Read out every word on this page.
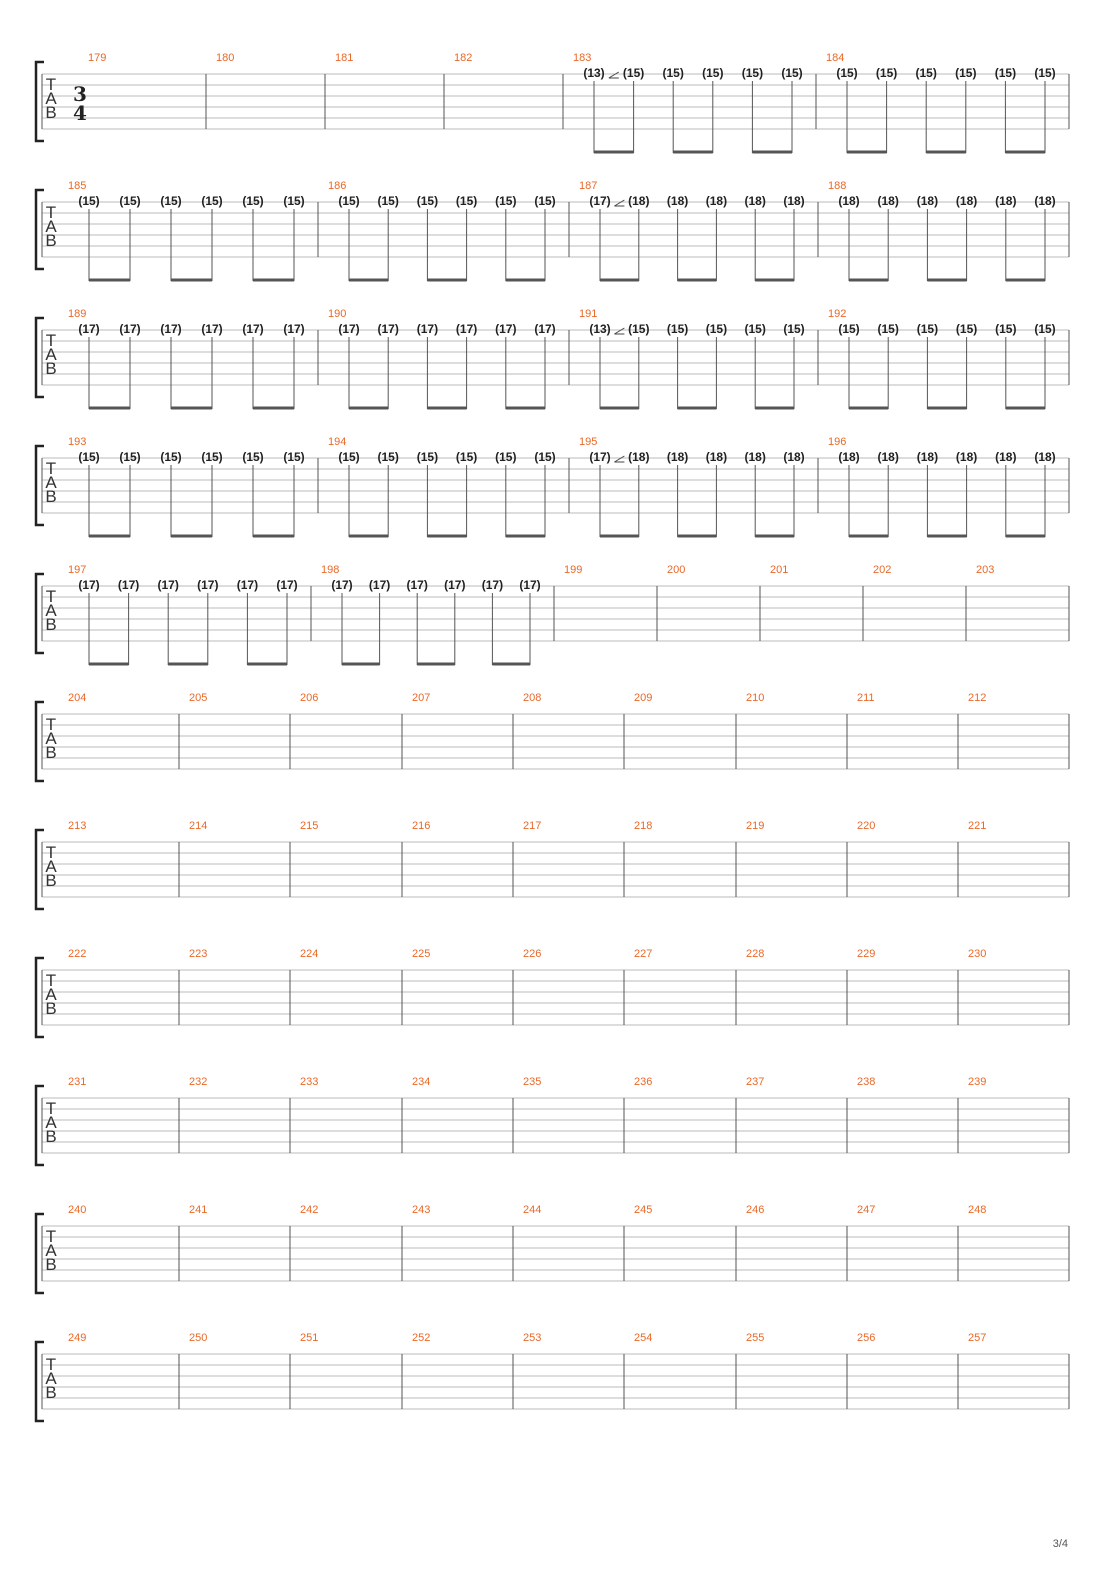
T
A
B
3
4
179	180	181	182	183
(13) (15) (15) (15) (15) (15)
184
(15) (15) (15) (15) (15) (15)
T
A
B
185
(15) (15) (15) (15) (15) (15)
186
(15) (15) (15) (15) (15) (15)
187
(17) (18) (18) (18) (18) (18)
188
(18) (18) (18) (18) (18) (18)
T
A
B
189
(17) (17) (17) (17) (17) (17)
190
(17) (17) (17) (17) (17) (17)
191
(13) (15) (15) (15) (15) (15)
192
(15) (15) (15) (15) (15) (15)
T
A
B
193
(15) (15) (15) (15) (15) (15)
194
(15) (15) (15) (15) (15) (15)
195
(17) (18) (18) (18) (18) (18)
196
(18) (18) (18) (18) (18) (18)
T
A
B
197
(17) (17) (17) (17) (17) (17)
198
(17) (17) (17) (17) (17) (17)
199	200	201	202	203
T
A
B
204	205	206	207	208	209	210	211	212
T
A
B
213	214	215	216	217	218	219	220	221
T
A
B
222	223	224	225	226	227	228	229	230
T
A
B
231	232	233	234	235	236	237	238	239
T
A
B
240	241	242	243	244	245	246	247	248
T
A
B
249	250	251	252	253	254	255	256	257
3/4
